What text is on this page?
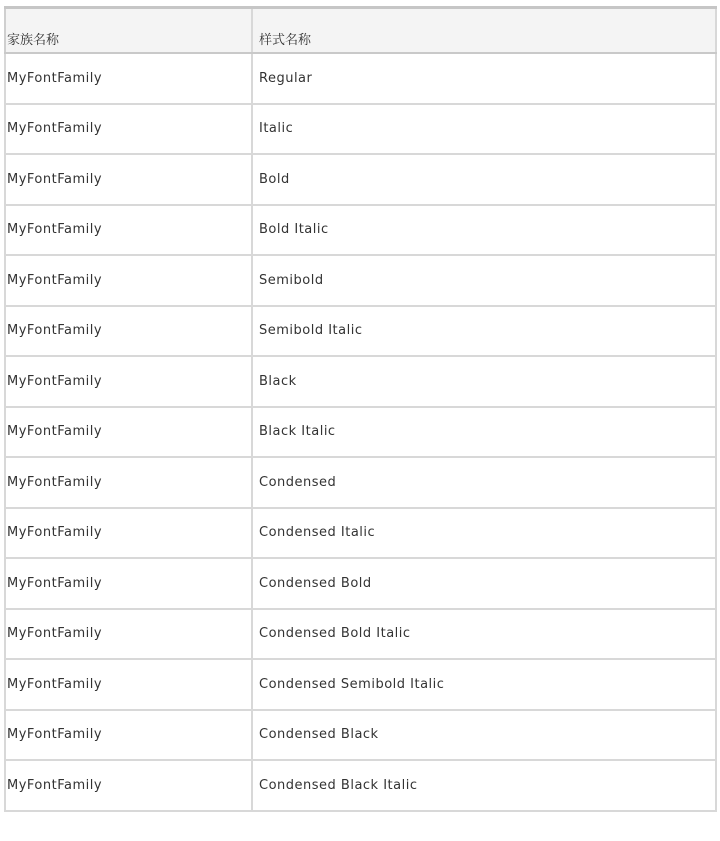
家族名称	样式名称
MyFontFamily	Regular
MyFontFamily	Italic
MyFontFamily	Bold
MyFontFamily	Bold Italic
MyFontFamily	Semibold
MyFontFamily	Semibold Italic
MyFontFamily	Black
MyFontFamily	Black Italic
MyFontFamily	Condensed
MyFontFamily	Condensed Italic
MyFontFamily	Condensed Bold
MyFontFamily	Condensed Bold Italic
MyFontFamily	Condensed Semibold Italic
MyFontFamily	Condensed Black
MyFontFamily	Condensed Black Italic
